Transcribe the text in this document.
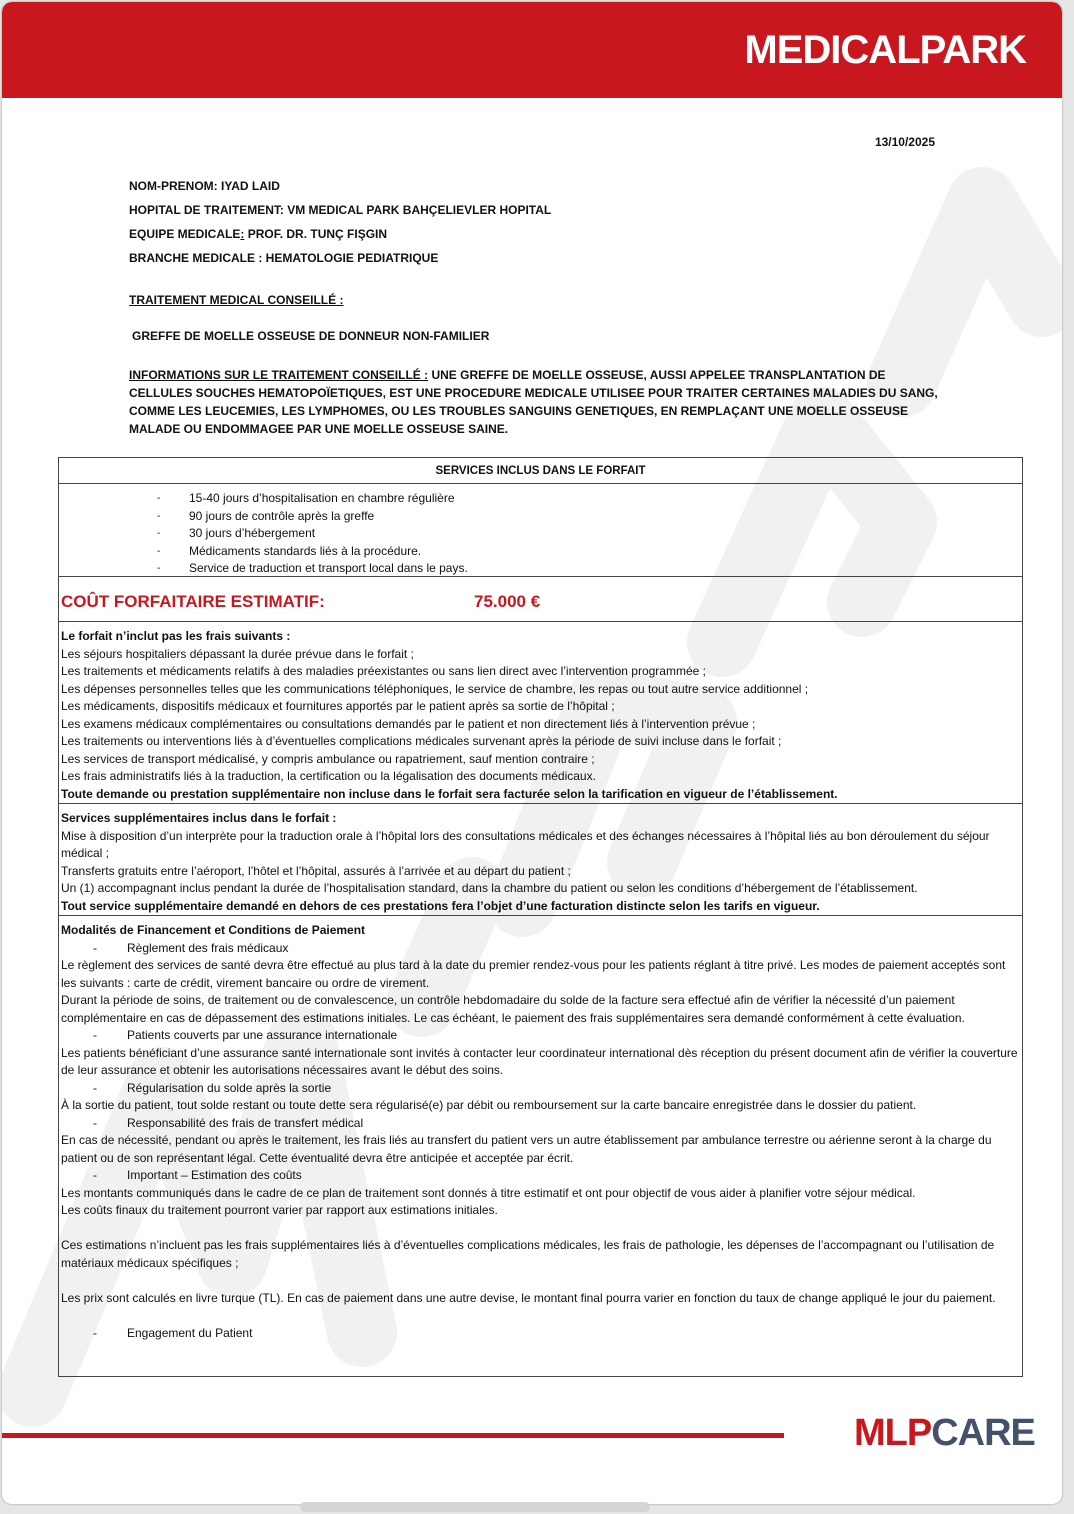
MEDICALPARK
13/10/2025
NOM-PRENOM: IYAD LAID
HOPITAL DE TRAITEMENT: VM MEDICAL PARK BAHÇELIEVLER HOPITAL
EQUIPE MEDICALE: PROF. DR. TUNÇ FIŞGIN
BRANCHE MEDICALE : HEMATOLOGIE PEDIATRIQUE
TRAITEMENT MEDICAL CONSEILLÉ :
GREFFE DE MOELLE OSSEUSE DE DONNEUR NON-FAMILIER
INFORMATIONS SUR LE TRAITEMENT CONSEILLÉ : UNE GREFFE DE MOELLE OSSEUSE, AUSSI APPELEE TRANSPLANTATION DE CELLULES SOUCHES HEMATOPOÏETIQUES, EST UNE PROCEDURE MEDICALE UTILISEE POUR TRAITER CERTAINES MALADIES DU SANG, COMME LES LEUCEMIES, LES LYMPHOMES, OU LES TROUBLES SANGUINS GENETIQUES, EN REMPLAÇANT UNE MOELLE OSSEUSE MALADE OU ENDOMMAGEE PAR UNE MOELLE OSSEUSE SAINE.
SERVICES INCLUS DANS LE FORFAIT
- 15-40 jours d’hospitalisation en chambre régulière
- 90 jours de contrôle après la greffe
- 30 jours d’hébergement
- Médicaments standards liés à la procédure.
- Service de traduction et transport local dans le pays.
COÛT FORFAITAIRE ESTIMATIF:	75.000 €
Le forfait n’inclut pas les frais suivants :
Les séjours hospitaliers dépassant la durée prévue dans le forfait ;
Les traitements et médicaments relatifs à des maladies préexistantes ou sans lien direct avec l’intervention programmée ;
Les dépenses personnelles telles que les communications téléphoniques, le service de chambre, les repas ou tout autre service additionnel ;
Les médicaments, dispositifs médicaux et fournitures apportés par le patient après sa sortie de l’hôpital ;
Les examens médicaux complémentaires ou consultations demandés par le patient et non directement liés à l’intervention prévue ;
Les traitements ou interventions liés à d’éventuelles complications médicales survenant après la période de suivi incluse dans le forfait ;
Les services de transport médicalisé, y compris ambulance ou rapatriement, sauf mention contraire ;
Les frais administratifs liés à la traduction, la certification ou la légalisation des documents médicaux.
Toute demande ou prestation supplémentaire non incluse dans le forfait sera facturée selon la tarification en vigueur de l’établissement.
Services supplémentaires inclus dans le forfait :
Mise à disposition d’un interprète pour la traduction orale à l’hôpital lors des consultations médicales et des échanges nécessaires à l’hôpital liés au bon déroulement du séjour médical ;
Transferts gratuits entre l’aéroport, l’hôtel et l’hôpital, assurés à l’arrivée et au départ du patient ;
Un (1) accompagnant inclus pendant la durée de l’hospitalisation standard, dans la chambre du patient ou selon les conditions d’hébergement de l’établissement.
Tout service supplémentaire demandé en dehors de ces prestations fera l’objet d’une facturation distincte selon les tarifs en vigueur.
Modalités de Financement et Conditions de Paiement
- Règlement des frais médicaux
Le règlement des services de santé devra être effectué au plus tard à la date du premier rendez-vous pour les patients réglant à titre privé. Les modes de paiement acceptés sont les suivants : carte de crédit, virement bancaire ou ordre de virement.
Durant la période de soins, de traitement ou de convalescence, un contrôle hebdomadaire du solde de la facture sera effectué afin de vérifier la nécessité d’un paiement complémentaire en cas de dépassement des estimations initiales. Le cas échéant, le paiement des frais supplémentaires sera demandé conformément à cette évaluation.
- Patients couverts par une assurance internationale
Les patients bénéficiant d’une assurance santé internationale sont invités à contacter leur coordinateur international dès réception du présent document afin de vérifier la couverture de leur assurance et obtenir les autorisations nécessaires avant le début des soins.
- Régularisation du solde après la sortie
À la sortie du patient, tout solde restant ou toute dette sera régularisé(e) par débit ou remboursement sur la carte bancaire enregistrée dans le dossier du patient.
- Responsabilité des frais de transfert médical
En cas de nécessité, pendant ou après le traitement, les frais liés au transfert du patient vers un autre établissement par ambulance terrestre ou aérienne seront à la charge du patient ou de son représentant légal. Cette éventualité devra être anticipée et acceptée par écrit.
- Important – Estimation des coûts
Les montants communiqués dans le cadre de ce plan de traitement sont donnés à titre estimatif et ont pour objectif de vous aider à planifier votre séjour médical.
Les coûts finaux du traitement pourront varier par rapport aux estimations initiales.
Ces estimations n’incluent pas les frais supplémentaires liés à d’éventuelles complications médicales, les frais de pathologie, les dépenses de l’accompagnant ou l’utilisation de matériaux médicaux spécifiques ;
Les prix sont calculés en livre turque (TL). En cas de paiement dans une autre devise, le montant final pourra varier en fonction du taux de change appliqué le jour du paiement.
- Engagement du Patient
MLPCARE
